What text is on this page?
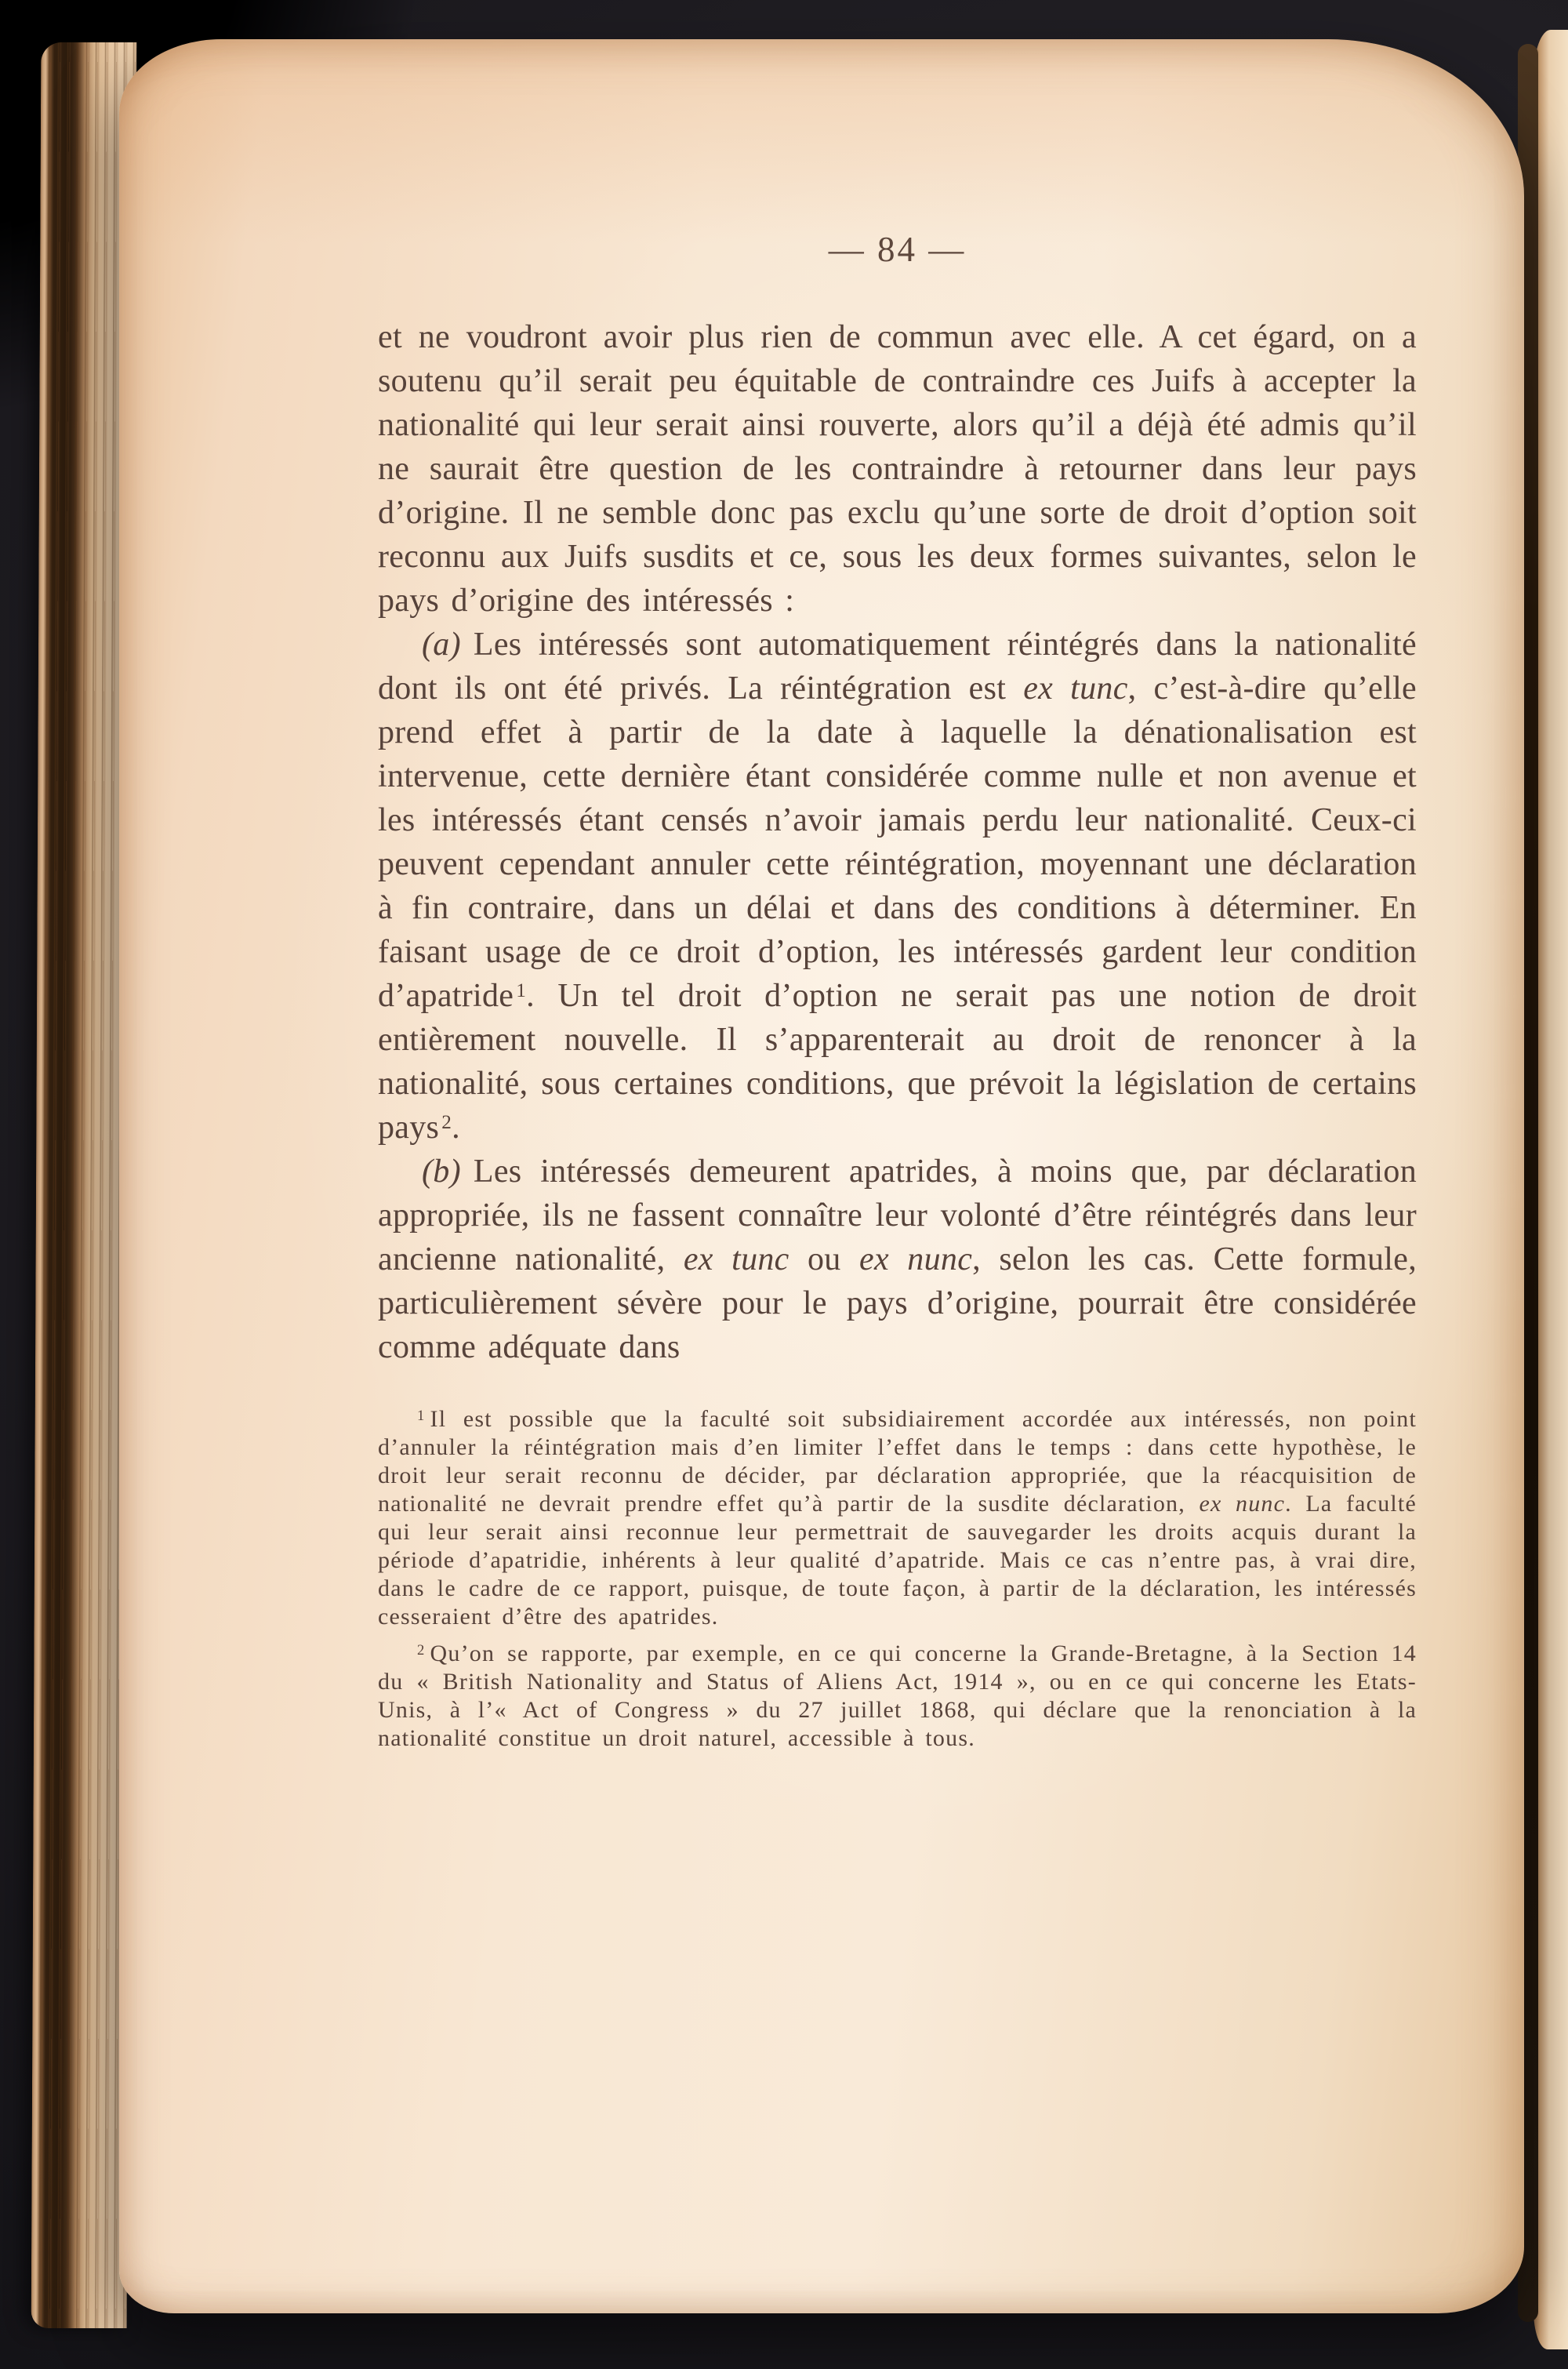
— 84 —

et ne voudront avoir plus rien de commun avec elle. A cet égard, on a soutenu qu’il serait peu équitable de contraindre ces Juifs à accepter la nationalité qui leur serait ainsi rouverte, alors qu’il a déjà été admis qu’il ne saurait être question de les contraindre à retourner dans leur pays d’origine. Il ne semble donc pas exclu qu’une sorte de droit d’option soit reconnu aux Juifs susdits et ce, sous les deux formes suivantes, selon le pays d’origine des intéressés :

(a) Les intéressés sont automatiquement réintégrés dans la nationalité dont ils ont été privés. La réintégration est ex tunc, c’est-à-dire qu’elle prend effet à partir de la date à laquelle la dénationalisation est intervenue, cette dernière étant considérée comme nulle et non avenue et les intéressés étant censés n’avoir jamais perdu leur nationalité. Ceux-ci peuvent cependant annuler cette réintégration, moyennant une déclaration à fin contraire, dans un délai et dans des conditions à déterminer. En faisant usage de ce droit d’option, les intéressés gardent leur condition d’apatride $^1$. Un tel droit d’option ne serait pas une notion de droit entièrement nouvelle. Il s’apparenterait au droit de renoncer à la nationalité, sous certaines conditions, que prévoit la législation de certains pays $^2$.

(b) Les intéressés demeurent apatrides, à moins que, par déclaration appropriée, ils ne fassent connaître leur volonté d’être réintégrés dans leur ancienne nationalité, ex tunc ou ex nunc, selon les cas. Cette formule, particulièrement sévère pour le pays d’origine, pourrait être considérée comme adéquate dans

$^1$ Il est possible que la faculté soit subsidiairement accordée aux intéressés, non point d’annuler la réintégration mais d’en limiter l’effet dans le temps : dans cette hypothèse, le droit leur serait reconnu de décider, par déclaration appropriée, que la réacquisition de nationalité ne devrait prendre effet qu’à partir de la susdite déclaration, ex nunc. La faculté qui leur serait ainsi reconnue leur permettrait de sauvegarder les droits acquis durant la période d’apatridie, inhérents à leur qualité d’apatride. Mais ce cas n’entre pas, à vrai dire, dans le cadre de ce rapport, puisque, de toute façon, à partir de la déclaration, les intéressés cesseraient d’être des apatrides.

$^2$ Qu’on se rapporte, par exemple, en ce qui concerne la Grande-Bretagne, à la Section 14 du « British Nationality and Status of Aliens Act, 1914 », ou en ce qui concerne les Etats-Unis, à l’« Act of Congress » du 27 juillet 1868, qui déclare que la renonciation à la nationalité constitue un droit naturel, accessible à tous.
